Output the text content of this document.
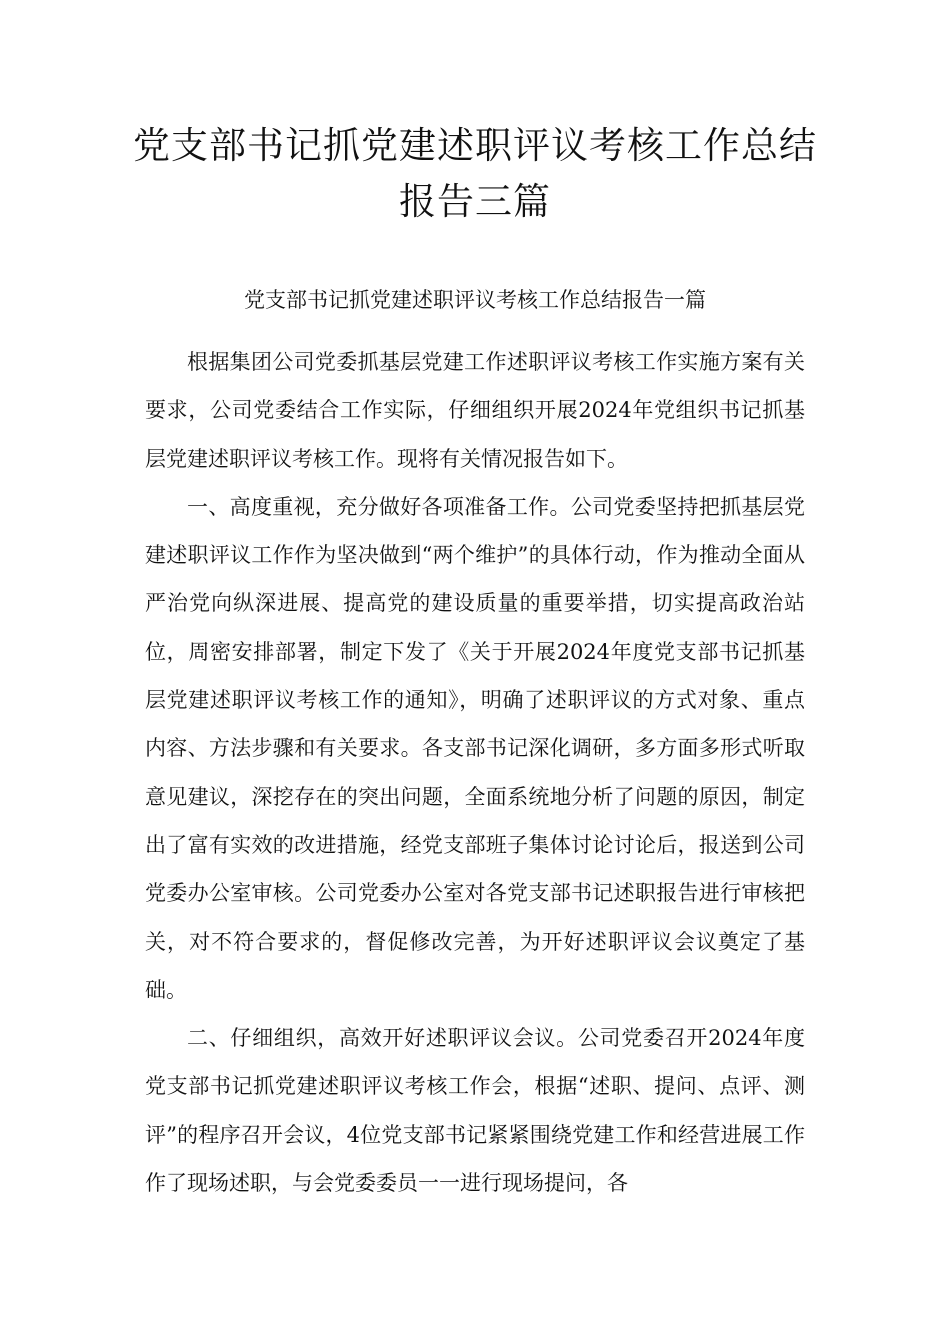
党支部书记抓党建述职评议考核工作总结报告三篇

党支部书记抓党建述职评议考核工作总结报告一篇

根据集团公司党委抓基层党建工作述职评议考核工作实施方案有关要求，公司党委结合工作实际，仔细组织开展2024年党组织书记抓基层党建述职评议考核工作。现将有关情况报告如下。

一、高度重视，充分做好各项准备工作。公司党委坚持把抓基层党建述职评议工作作为坚决做到“两个维护”的具体行动，作为推动全面从严治党向纵深进展、提高党的建设质量的重要举措，切实提高政治站位，周密安排部署，制定下发了《关于开展2024年度党支部书记抓基层党建述职评议考核工作的通知》，明确了述职评议的方式对象、重点内容、方法步骤和有关要求。各支部书记深化调研，多方面多形式听取意见建议，深挖存在的突出问题，全面系统地分析了问题的原因，制定出了富有实效的改进措施，经党支部班子集体讨论讨论后，报送到公司党委办公室审核。公司党委办公室对各党支部书记述职报告进行审核把关，对不符合要求的，督促修改完善，为开好述职评议会议奠定了基础。

二、仔细组织，高效开好述职评议会议。公司党委召开2024年度党支部书记抓党建述职评议考核工作会，根据“述职、提问、点评、测评”的程序召开会议，4位党支部书记紧紧围绕党建工作和经营进展工作作了现场述职，与会党委委员一一进行现场提问，各
